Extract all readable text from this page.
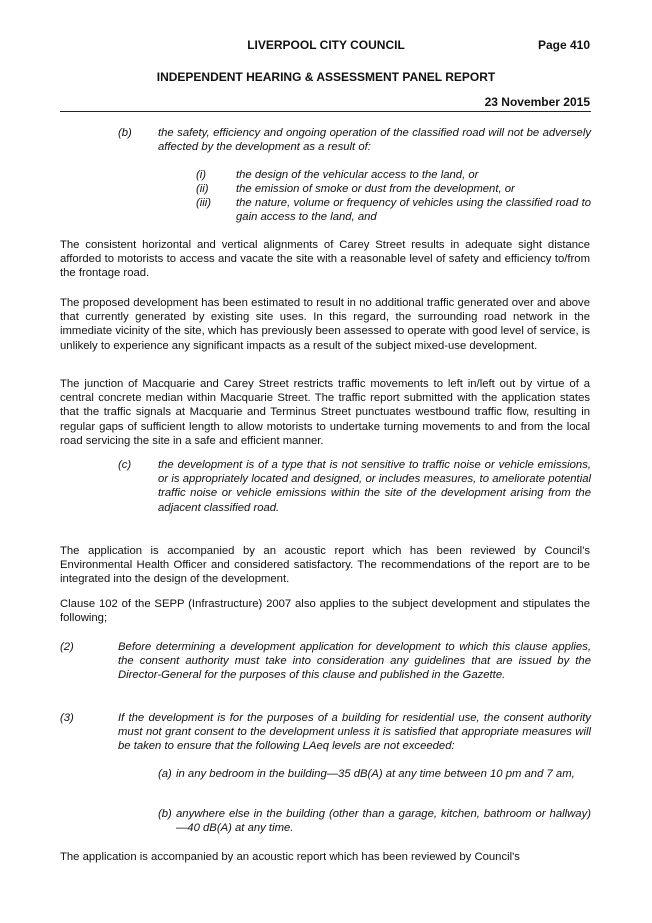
LIVERPOOL CITY COUNCIL	Page 410
INDEPENDENT HEARING & ASSESSMENT PANEL REPORT
23 November 2015
(b) the safety, efficiency and ongoing operation of the classified road will not be adversely affected by the development as a result of:
(i)	the design of the vehicular access to the land, or
(ii) the emission of smoke or dust from the development, or
(iii) the nature, volume or frequency of vehicles using the classified road to gain access to the land, and
The consistent horizontal and vertical alignments of Carey Street results in adequate sight distance afforded to motorists to access and vacate the site with a reasonable level of safety and efficiency to/from the frontage road.
The proposed development has been estimated to result in no additional traffic generated over and above that currently generated by existing site uses. In this regard, the surrounding road network in the immediate vicinity of the site, which has previously been assessed to operate with good level of service, is unlikely to experience any significant impacts as a result of the subject mixed-use development.
The junction of Macquarie and Carey Street restricts traffic movements to left in/left out by virtue of a central concrete median within Macquarie Street. The traffic report submitted with the application states that the traffic signals at Macquarie and Terminus Street punctuates westbound traffic flow, resulting in regular gaps of sufficient length to allow motorists to undertake turning movements to and from the local road servicing the site in a safe and efficient manner.
(c) the development is of a type that is not sensitive to traffic noise or vehicle emissions, or is appropriately located and designed, or includes measures, to ameliorate potential traffic noise or vehicle emissions within the site of the development arising from the adjacent classified road.
The application is accompanied by an acoustic report which has been reviewed by Council's Environmental Health Officer and considered satisfactory. The recommendations of the report are to be integrated into the design of the development.
Clause 102 of the SEPP (Infrastructure) 2007 also applies to the subject development and stipulates the following;
(2)	Before determining a development application for development to which this clause applies, the consent authority must take into consideration any guidelines that are issued by the Director-General for the purposes of this clause and published in the Gazette.
(3)	If the development is for the purposes of a building for residential use, the consent authority must not grant consent to the development unless it is satisfied that appropriate measures will be taken to ensure that the following LAeq levels are not exceeded:
(a) in any bedroom in the building—35 dB(A) at any time between 10 pm and 7 am,
(b) anywhere else in the building (other than a garage, kitchen, bathroom or hallway)—40 dB(A) at any time.
The application is accompanied by an acoustic report which has been reviewed by Council's
